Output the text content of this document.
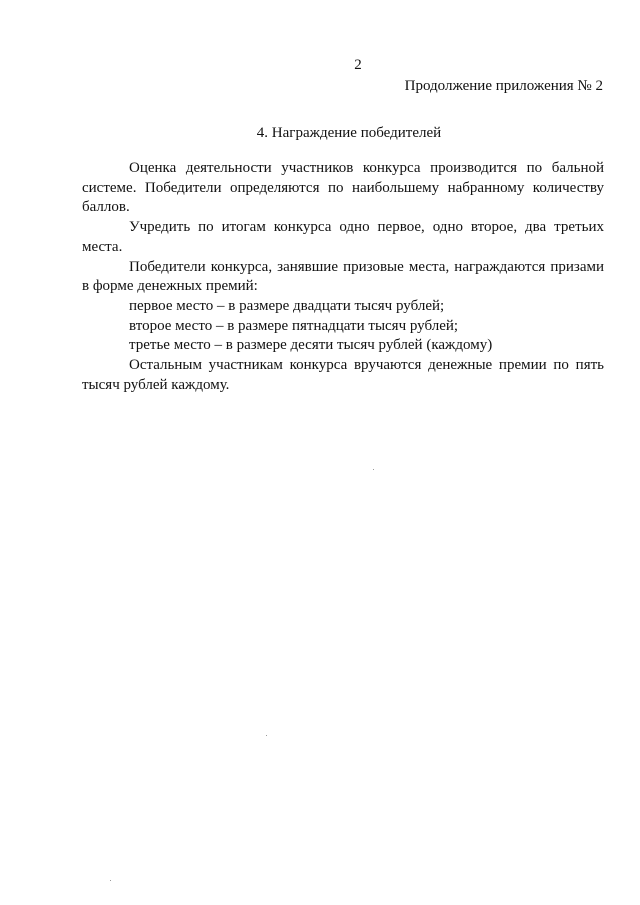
2
Продолжение приложения № 2
4. Награждение победителей

Оценка деятельности участников конкурса производится по бальной системе. Победители определяются по наибольшему набранному количеству баллов.

Учредить по итогам конкурса одно первое, одно второе, два третьих места.

Победители конкурса, занявшие призовые места, награждаются призами в форме денежных премий:

первое место – в размере двадцати тысяч рублей;

второе место – в размере пятнадцати тысяч рублей;

третье место – в размере десяти тысяч рублей (каждому)

Остальным участникам конкурса вручаются денежные премии по пять тысяч рублей каждому.
